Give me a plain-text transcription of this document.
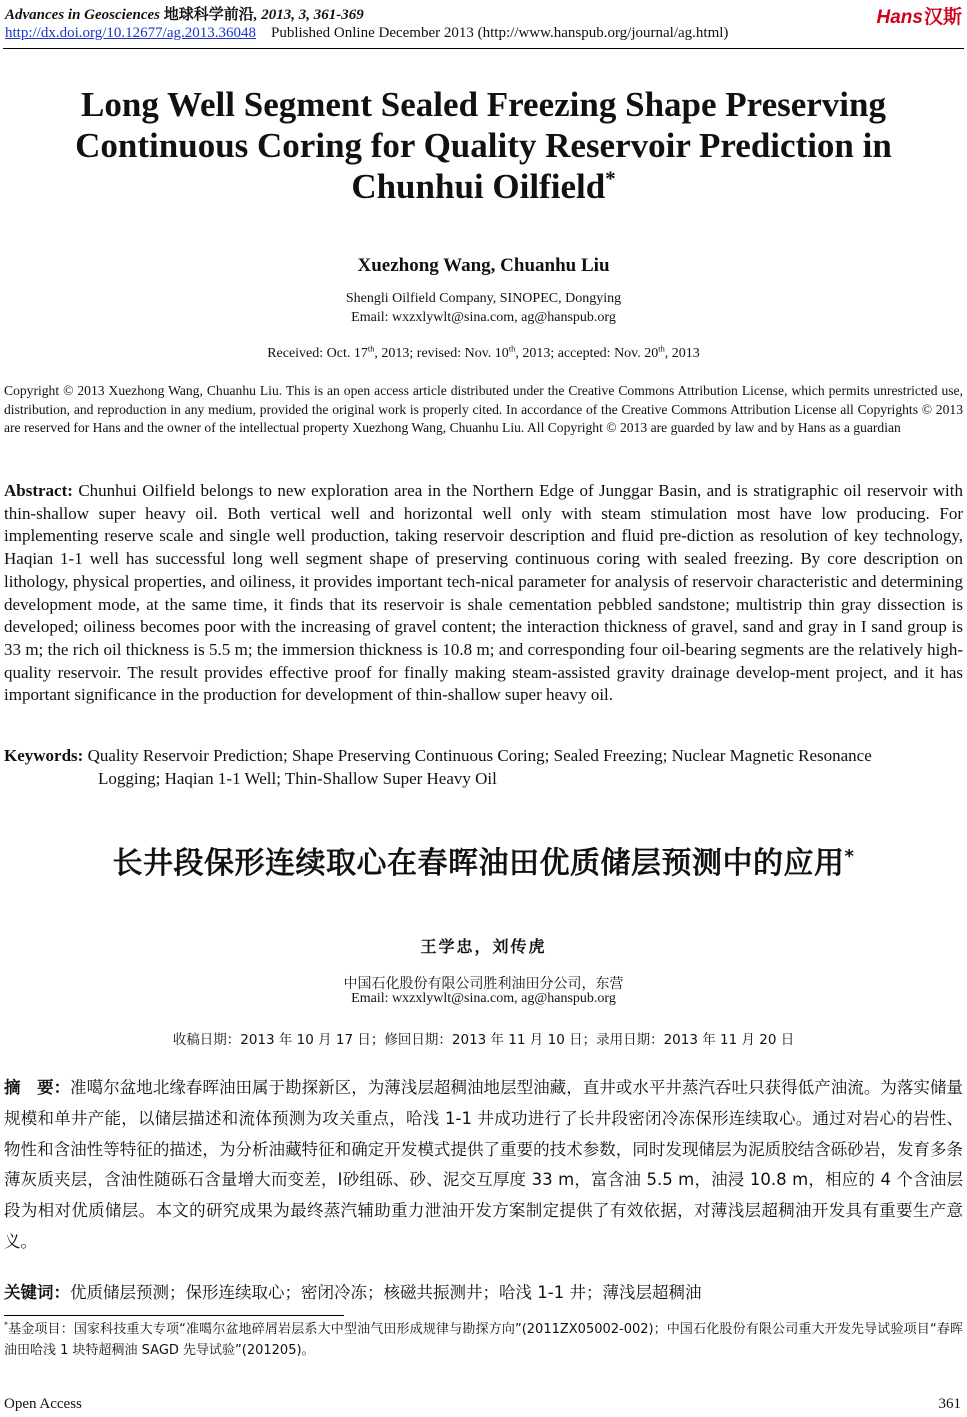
Advances in Geosciences 地球科学前沿, 2013, 3, 361-369	Hans汉斯
http://dx.doi.org/10.12677/ag.2013.36048 Published Online December 2013 (http://www.hanspub.org/journal/ag.html)
Long Well Segment Sealed Freezing Shape Preserving Continuous Coring for Quality Reservoir Prediction in Chunhui Oilfield*
Xuezhong Wang, Chuanhu Liu
Shengli Oilfield Company, SINOPEC, Dongying
Email: wxzxlywlt@sina.com, ag@hanspub.org
Received: Oct. 17th, 2013; revised: Nov. 10th, 2013; accepted: Nov. 20th, 2013
Copyright © 2013 Xuezhong Wang, Chuanhu Liu. This is an open access article distributed under the Creative Commons Attribution License, which permits unrestricted use, distribution, and reproduction in any medium, provided the original work is properly cited. In accordance of the Creative Commons Attribution License all Copyrights © 2013 are reserved for Hans and the owner of the intellectual property Xuezhong Wang, Chuanhu Liu. All Copyright © 2013 are guarded by law and by Hans as a guardian
Abstract: Chunhui Oilfield belongs to new exploration area in the Northern Edge of Junggar Basin, and is stratigraphic oil reservoir with thin-shallow super heavy oil. Both vertical well and horizontal well only with steam stimulation most have low producing. For implementing reserve scale and single well production, taking reservoir description and fluid pre-diction as resolution of key technology, Haqian 1-1 well has successful long well segment shape of preserving continuous coring with sealed freezing. By core description on lithology, physical properties, and oiliness, it provides important tech-nical parameter for analysis of reservoir characteristic and determining development mode, at the same time, it finds that its reservoir is shale cementation pebbled sandstone; multistrip thin gray dissection is developed; oiliness becomes poor with the increasing of gravel content; the interaction thickness of gravel, sand and gray in I sand group is 33 m; the rich oil thickness is 5.5 m; the immersion thickness is 10.8 m; and corresponding four oil-bearing segments are the relatively high-quality reservoir. The result provides effective proof for finally making steam-assisted gravity drainage develop-ment project, and it has important significance in the production for development of thin-shallow super heavy oil.
Keywords: Quality Reservoir Prediction; Shape Preserving Continuous Coring; Sealed Freezing; Nuclear Magnetic Resonance Logging; Haqian 1-1 Well; Thin-Shallow Super Heavy Oil
长井段保形连续取心在春晖油田优质储层预测中的应用*
王学忠，刘传虎
中国石化股份有限公司胜利油田分公司，东营
Email: wxzxlywlt@sina.com, ag@hanspub.org
收稿日期：2013 年 10 月 17 日；修回日期：2013 年 11 月 10 日；录用日期：2013 年 11 月 20 日
摘　要：准噶尔盆地北缘春晖油田属于勘探新区，为薄浅层超稠油地层型油藏，直井或水平井蒸汽吞吐只获得低产油流。为落实储量规模和单井产能，以储层描述和流体预测为攻关重点，哈浅 1-1 井成功进行了长井段密闭冷冻保形连续取心。通过对岩心的岩性、物性和含油性等特征的描述，为分析油藏特征和确定开发模式提供了重要的技术参数，同时发现储层为泥质胶结含砾砂岩，发育多条薄灰质夹层，含油性随砾石含量增大而变差，Ⅰ砂组砾、砂、泥交互厚度 33 m，富含油 5.5 m，油浸 10.8 m，相应的 4 个含油层段为相对优质储层。本文的研究成果为最终蒸汽辅助重力泄油开发方案制定提供了有效依据，对薄浅层超稠油开发具有重要生产意义。
关键词：优质储层预测；保形连续取心；密闭冷冻；核磁共振测井；哈浅 1-1 井；薄浅层超稠油
*基金项目：国家科技重大专项“准噶尔盆地碎屑岩层系大中型油气田形成规律与勘探方向”(2011ZX05002-002)；中国石化股份有限公司重大开发先导试验项目“春晖油田哈浅 1 块特超稠油 SAGD 先导试验”(201205)。
Open Access	361
